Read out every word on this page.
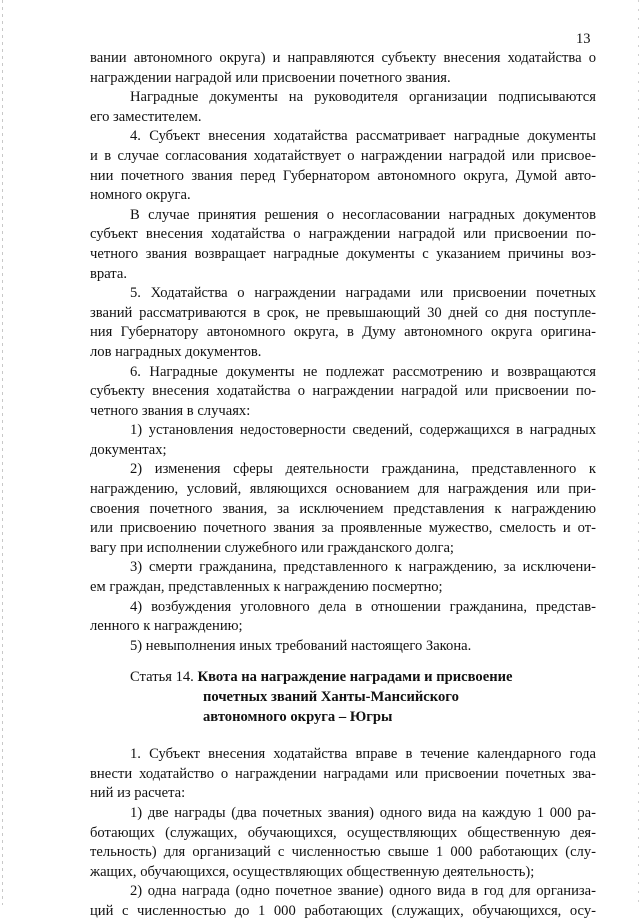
13
вании автономного округа) и направляются субъекту внесения ходатайства о
награждении наградой или присвоении почетного звания.
Наградные документы на руководителя организации подписываются
его заместителем.
4. Субъект внесения ходатайства рассматривает наградные документы
и в случае согласования ходатайствует о награждении наградой или присвое-
нии почетного звания перед Губернатором автономного округа, Думой авто-
номного округа.
В случае принятия решения о несогласовании наградных документов
субъект внесения ходатайства о награждении наградой или присвоении по-
четного звания возвращает наградные документы с указанием причины воз-
врата.
5. Ходатайства о награждении наградами или присвоении почетных
званий рассматриваются в срок, не превышающий 30 дней со дня поступле-
ния Губернатору автономного округа, в Думу автономного округа оригина-
лов наградных документов.
6. Наградные документы не подлежат рассмотрению и возвращаются
субъекту внесения ходатайства о награждении наградой или присвоении по-
четного звания в случаях:
1) установления недостоверности сведений, содержащихся в наградных
документах;
2) изменения сферы деятельности гражданина, представленного к
награждению, условий, являющихся основанием для награждения или при-
своения почетного звания, за исключением представления к награждению
или присвоению почетного звания за проявленные мужество, смелость и от-
вагу при исполнении служебного или гражданского долга;
3) смерти гражданина, представленного к награждению, за исключени-
ем граждан, представленных к награждению посмертно;
4) возбуждения уголовного дела в отношении гражданина, представ-
ленного к награждению;
5) невыполнения иных требований настоящего Закона.
Статья 14. Квота на награждение наградами и присвоение
почетных званий Ханты-Мансийского
автономного округа – Югры
1. Субъект внесения ходатайства вправе в течение календарного года
внести ходатайство о награждении наградами или присвоении почетных зва-
ний из расчета:
1) две награды (два почетных звания) одного вида на каждую 1 000 ра-
ботающих (служащих, обучающихся, осуществляющих общественную дея-
тельность) для организаций с численностью свыше 1 000 работающих (слу-
жащих, обучающихся, осуществляющих общественную деятельность);
2) одна награда (одно почетное звание) одного вида в год для организа-
ций с численностью до 1 000 работающих (служащих, обучающихся, осу-
